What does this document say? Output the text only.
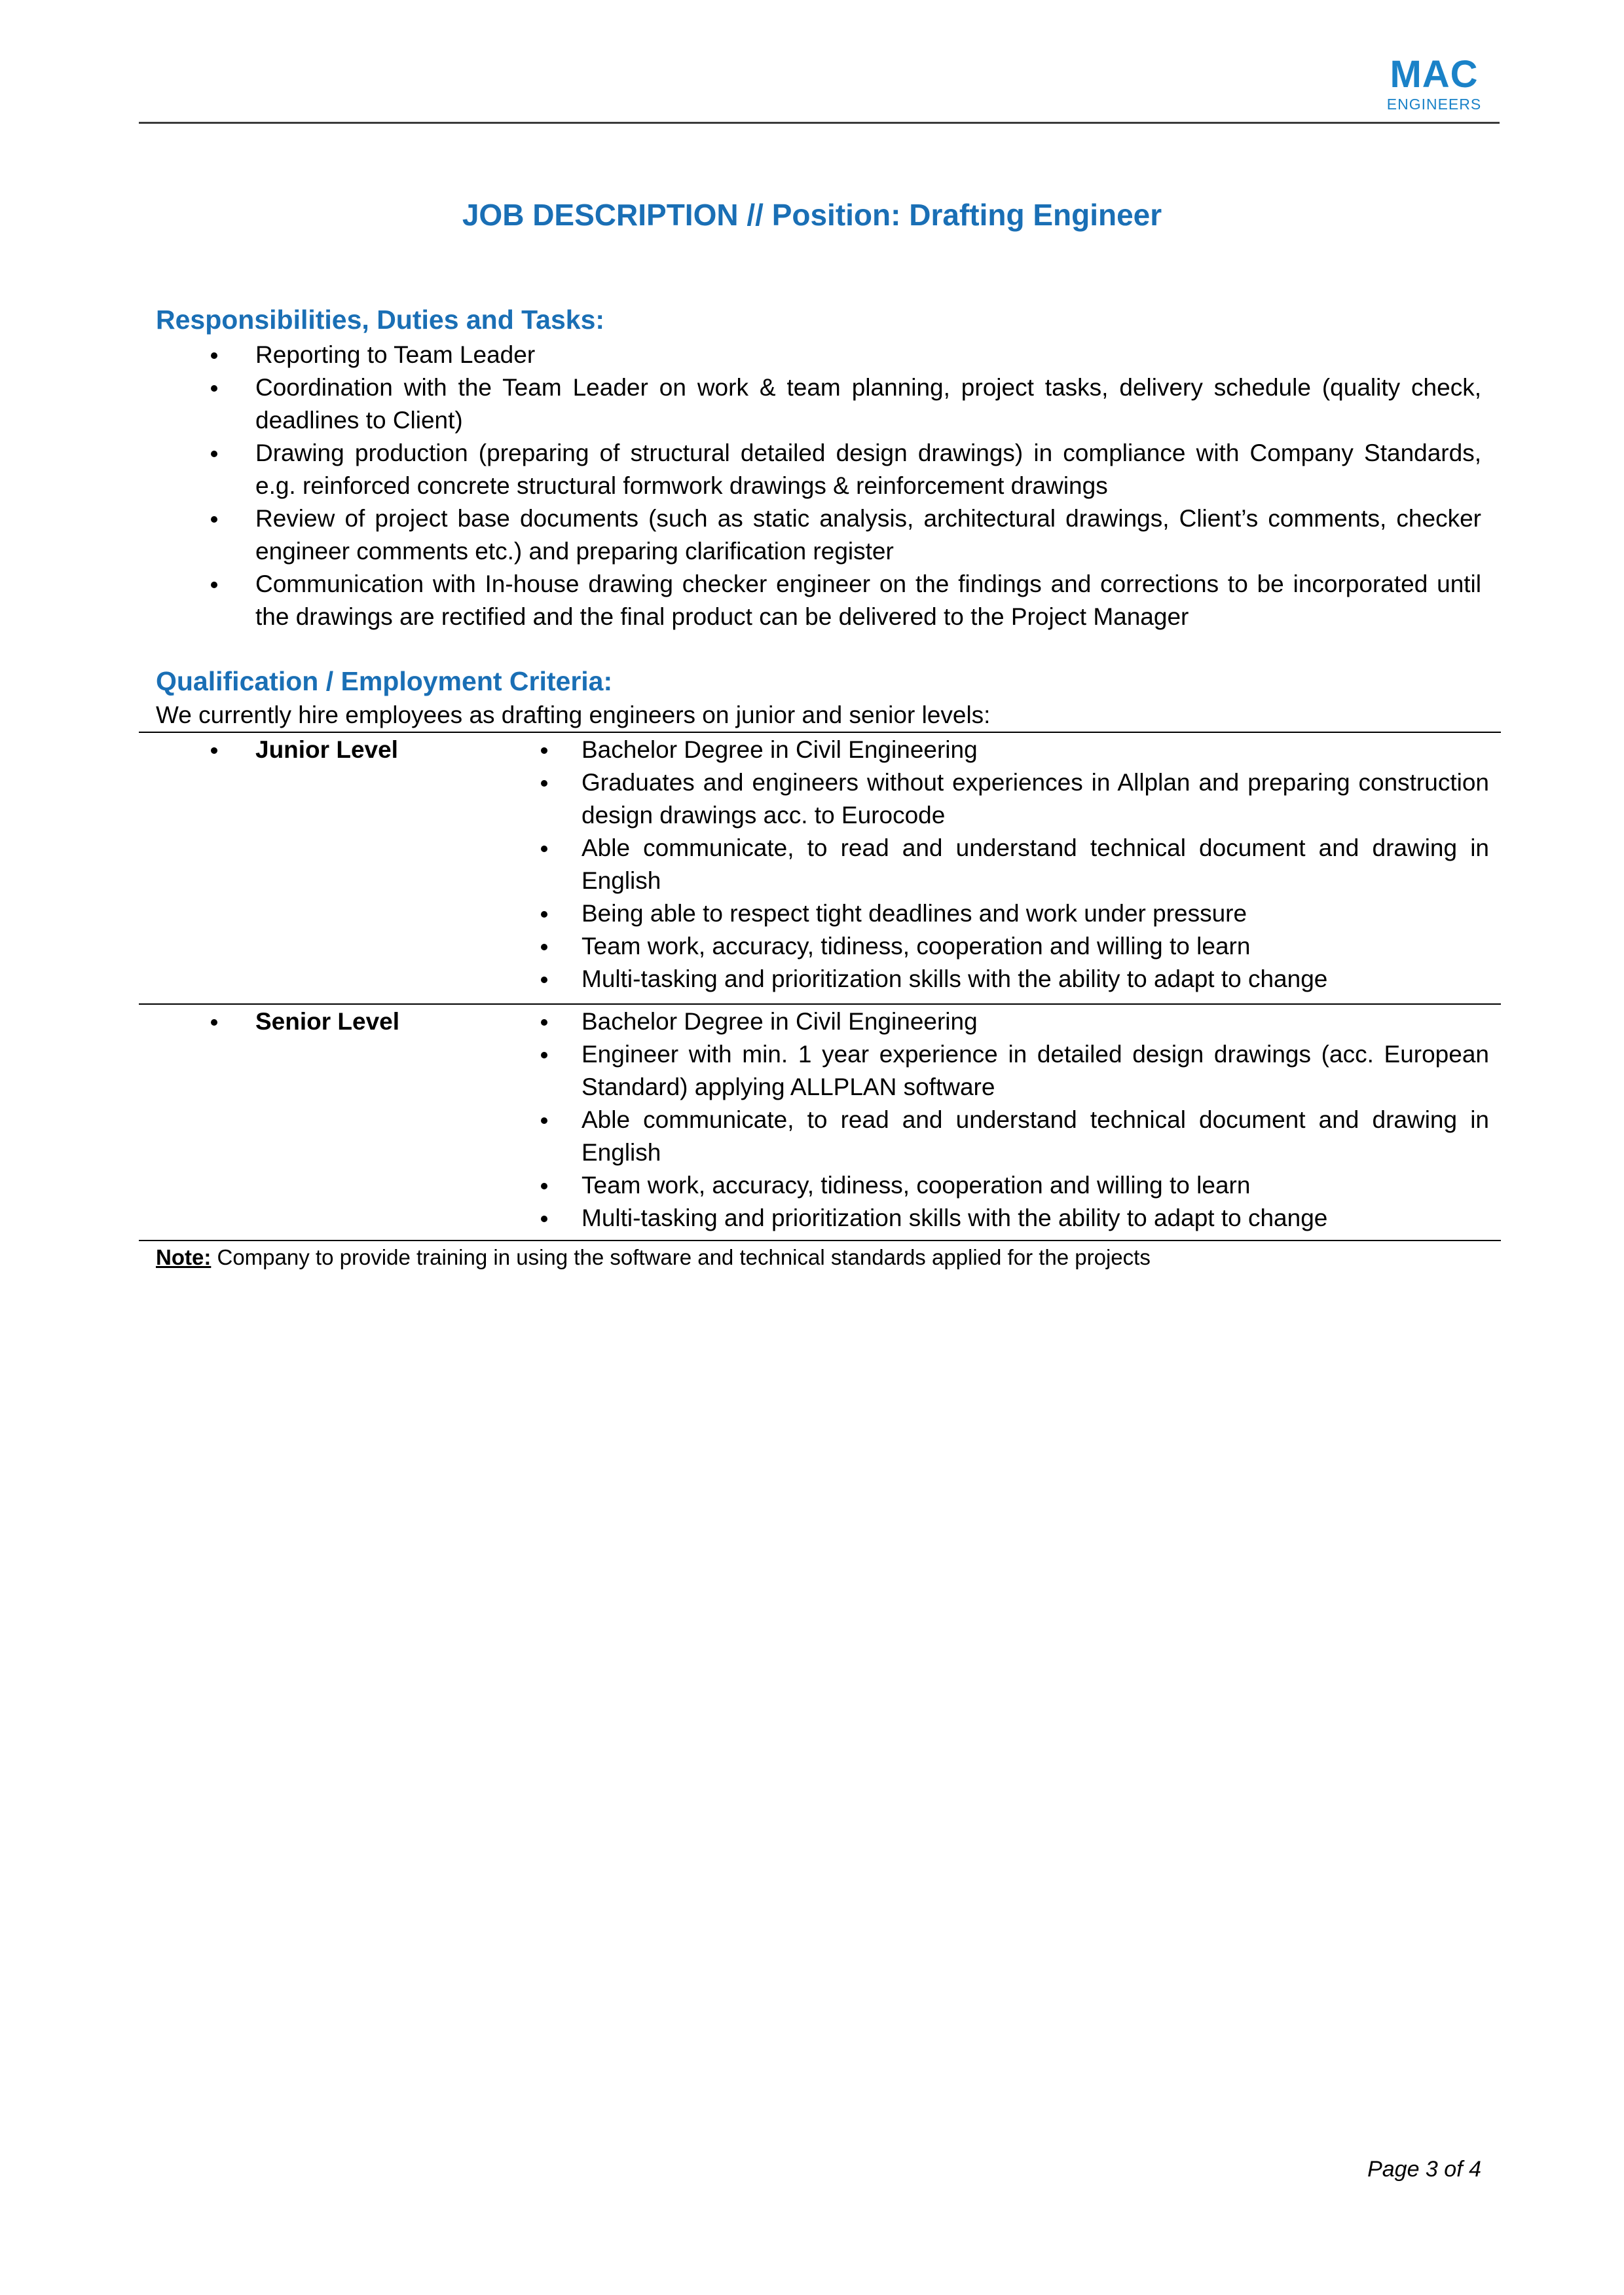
MAC
ENGINEERS
JOB DESCRIPTION // Position: Drafting Engineer
Responsibilities, Duties and Tasks:
Reporting to Team Leader
Coordination with the Team Leader on work & team planning, project tasks, delivery schedule (quality check, deadlines to Client)
Drawing production (preparing of structural detailed design drawings) in compliance with Company Standards, e.g. reinforced concrete structural formwork drawings & reinforcement drawings
Review of project base documents (such as static analysis, architectural drawings, Client’s comments, checker engineer comments etc.) and preparing clarification register
Communication with In-house drawing checker engineer on the findings and corrections to be incorporated until the drawings are rectified and the final product can be delivered to the Project Manager
Qualification / Employment Criteria:
We currently hire employees as drafting engineers on junior and senior levels:
Junior Level	Bachelor Degree in Civil Engineering
Graduates and engineers without experiences in Allplan and preparing construction design drawings acc. to Eurocode
Able communicate, to read and understand technical document and drawing in English
Being able to respect tight deadlines and work under pressure
Team work, accuracy, tidiness, cooperation and willing to learn
Multi-tasking and prioritization skills with the ability to adapt to change
Senior Level	Bachelor Degree in Civil Engineering
Engineer with min. 1 year experience in detailed design drawings (acc. European Standard) applying ALLPLAN software
Able communicate, to read and understand technical document and drawing in English
Team work, accuracy, tidiness, cooperation and willing to learn
Multi-tasking and prioritization skills with the ability to adapt to change
Note: Company to provide training in using the software and technical standards applied for the projects
Page 3 of 4
